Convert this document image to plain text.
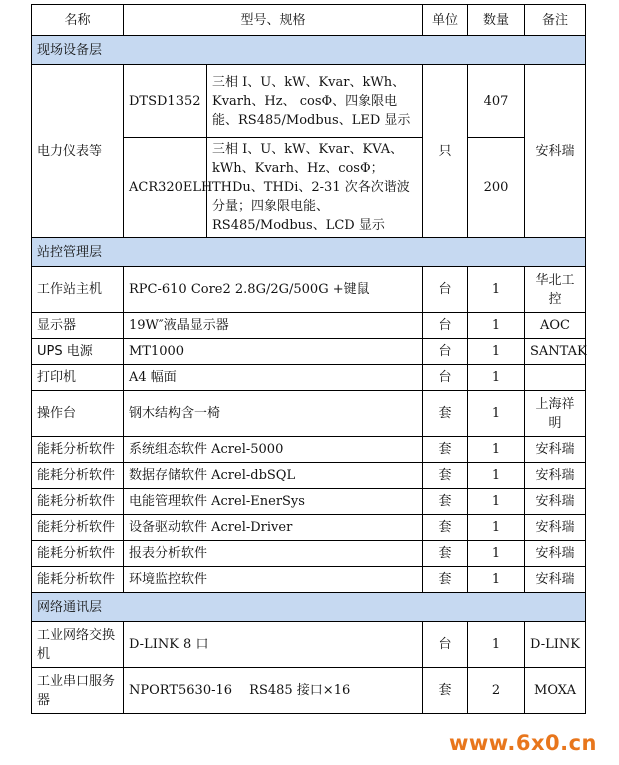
名称	型号、规格		单位	数量	备注
现场设备层					
电力仪表等	DTSD1352	三相 I、U、kW、Kvar、kWh、Kvarh、Hz、 cosΦ、四象限电能、RS485/Modbus、LED 显示	只	407	安科瑞
	ACR320ELH	三相 I、U、kW、Kvar、KVA、kWh、Kvarh、Hz、cosΦ；THDu、THDi、2-31 次各次谐波分量；四象限电能、RS485/Modbus、LCD 显示		200	
站控管理层					
工作站主机	RPC-610 Core2 2.8G/2G/500G +键鼠		台	1	华北工控
显示器	19W″液晶显示器		台	1	AOC
UPS 电源	MT1000		台	1	SANTAK
打印机	A4 幅面		台	1	
操作台	钢木结构含一椅		套	1	上海祥明
能耗分析软件	系统组态软件 Acrel-5000		套	1	安科瑞
能耗分析软件	数据存储软件 Acrel-dbSQL		套	1	安科瑞
能耗分析软件	电能管理软件 Acrel-EnerSys		套	1	安科瑞
能耗分析软件	设备驱动软件 Acrel-Driver		套	1	安科瑞
能耗分析软件	报表分析软件		套	1	安科瑞
能耗分析软件	环境监控软件		套	1	安科瑞
网络通讯层					
工业网络交换机	D-LINK 8 口		台	1	D-LINK
工业串口服务器	NPORT5630-16　 RS485 接口×16		套	2	MOXA
www.6x0.cn
